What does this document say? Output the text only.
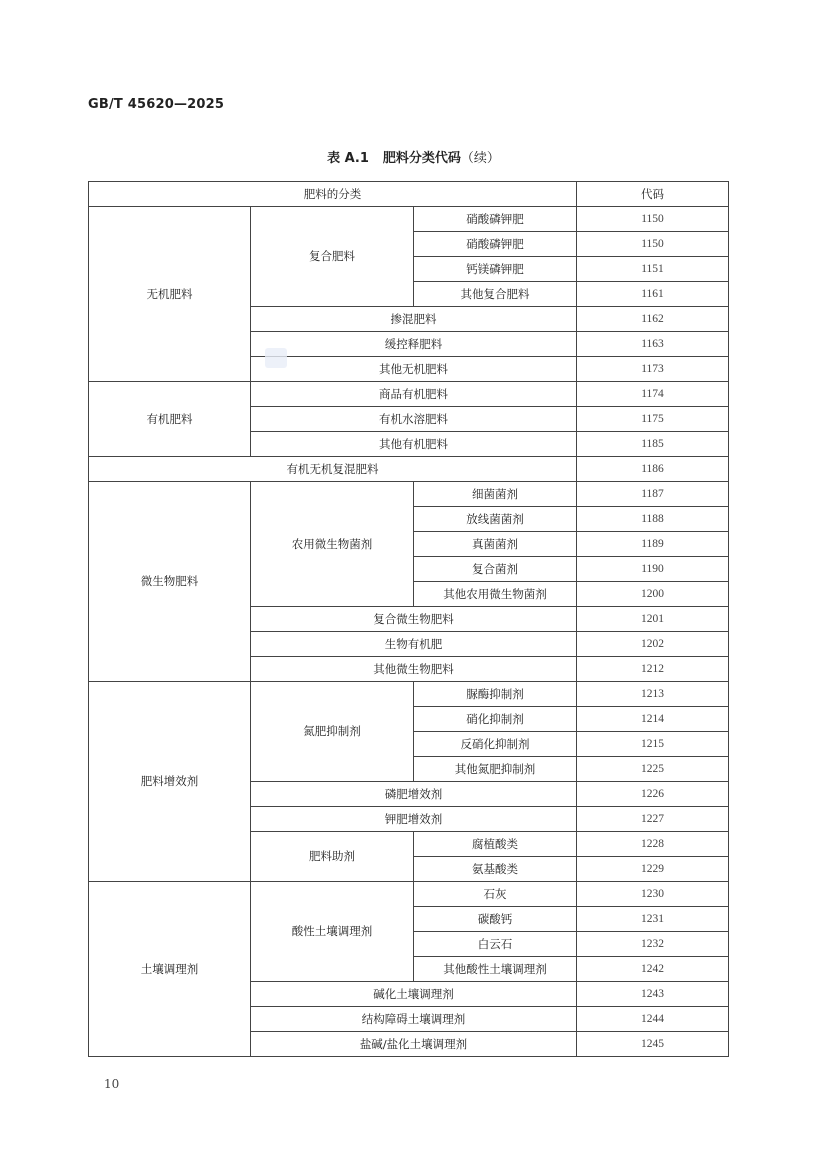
GB/T 45620—2025
表 A.1 肥料分类代码（续）
肥料的分类			代码
无机肥料	复合肥料	硝酸磷钾肥	1150
		硝酸磷钾肥	1150
		钙镁磷钾肥	1151
		其他复合肥料	1161
	掺混肥料		1162
	缓控释肥料		1163
	其他无机肥料		1173
有机肥料	商品有机肥料		1174
	有机水溶肥料		1175
	其他有机肥料		1185
有机无机复混肥料			1186
微生物肥料	农用微生物菌剂	细菌菌剂	1187
		放线菌菌剂	1188
		真菌菌剂	1189
		复合菌剂	1190
		其他农用微生物菌剂	1200
	复合微生物肥料		1201
	生物有机肥		1202
	其他微生物肥料		1212
肥料增效剂	氮肥抑制剂	脲酶抑制剂	1213
		硝化抑制剂	1214
		反硝化抑制剂	1215
		其他氮肥抑制剂	1225
	磷肥增效剂		1226
	钾肥增效剂		1227
	肥料助剂	腐植酸类	1228
		氨基酸类	1229
土壤调理剂	酸性土壤调理剂	石灰	1230
		碳酸钙	1231
		白云石	1232
		其他酸性土壤调理剂	1242
	碱化土壤调理剂		1243
	结构障碍土壤调理剂		1244
	盐碱/盐化土壤调理剂		1245
10
